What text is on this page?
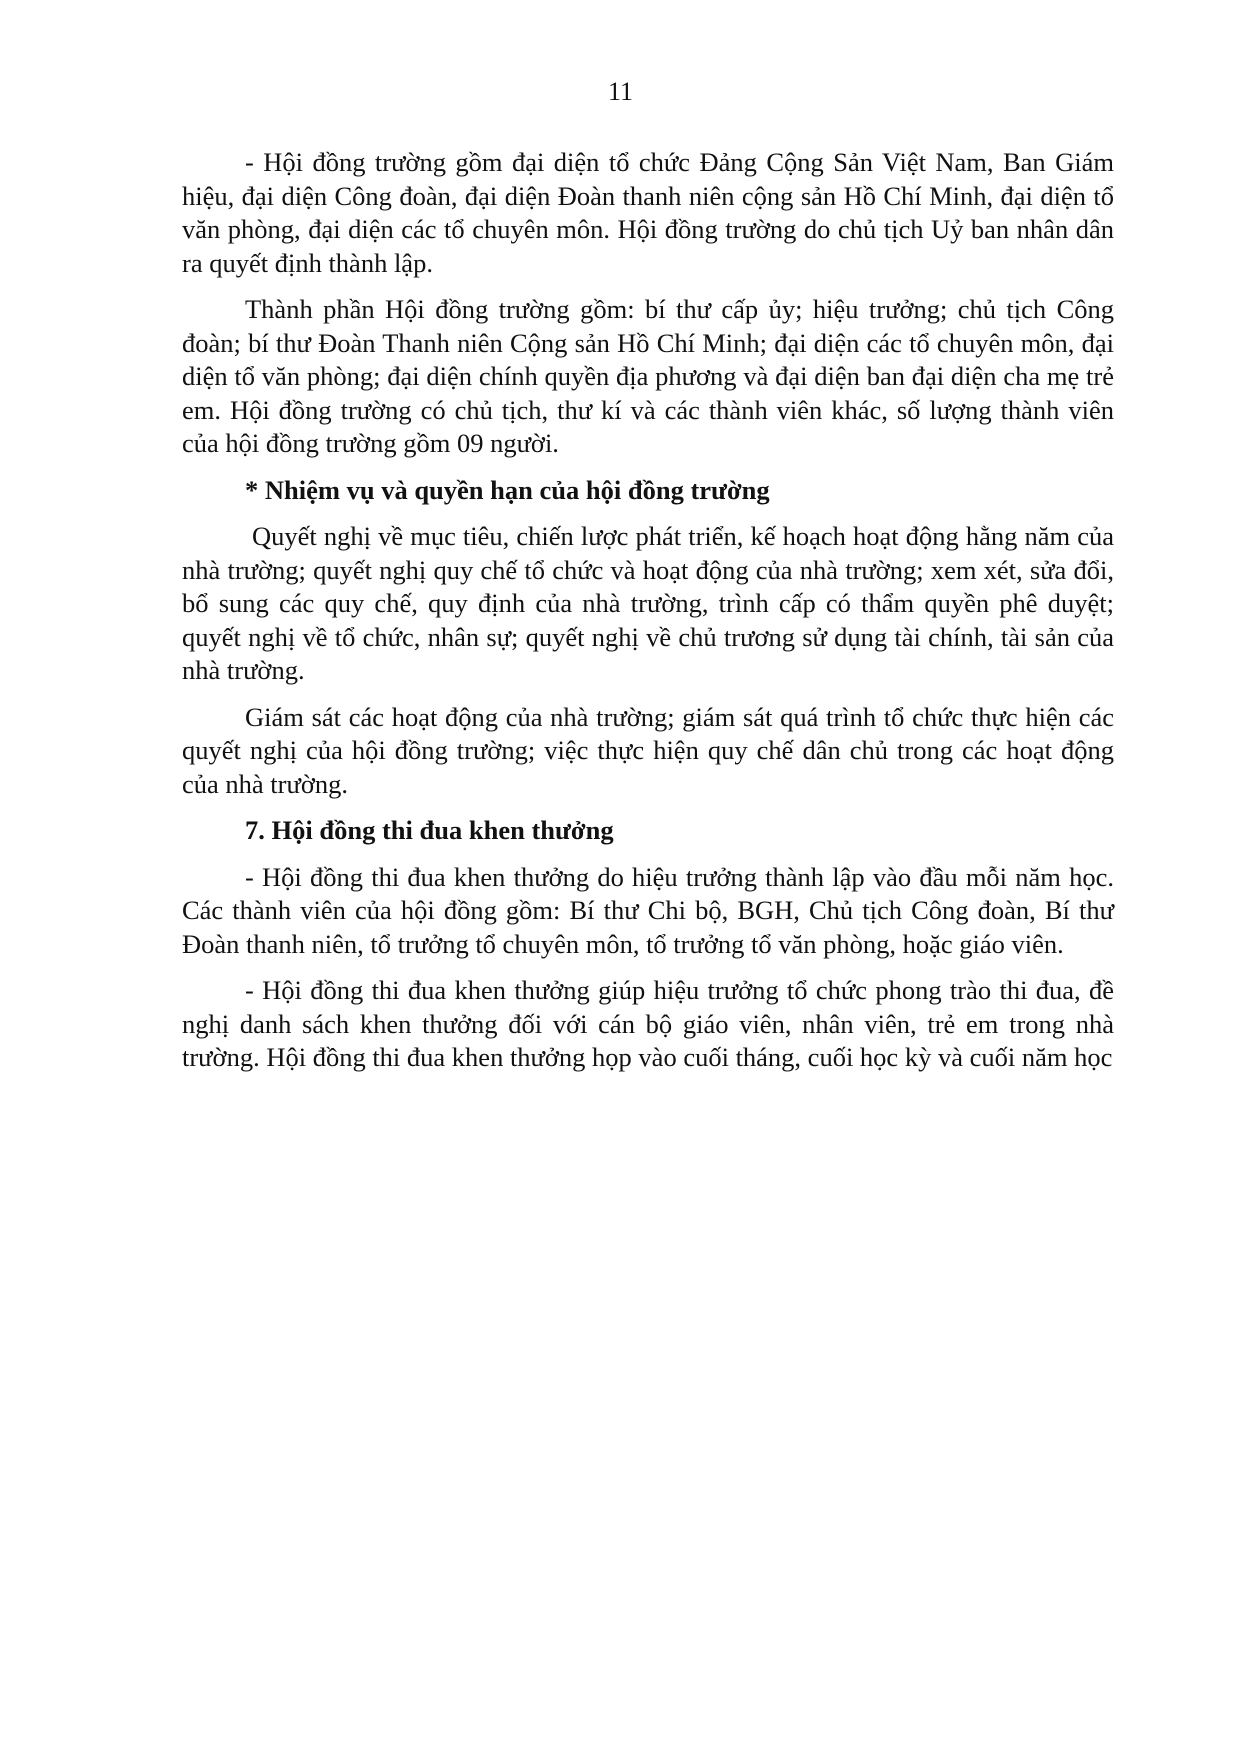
11

- Hội đồng trường gồm đại diện tổ chức Đảng Cộng Sản Việt Nam, Ban Giám hiệu, đại diện Công đoàn, đại diện Đoàn thanh niên cộng sản Hồ Chí Minh, đại diện tổ văn phòng, đại diện các tổ chuyên môn. Hội đồng trường do chủ tịch Uỷ ban nhân dân ra quyết định thành lập.

Thành phần Hội đồng trường gồm: bí thư cấp ủy; hiệu trưởng; chủ tịch Công đoàn; bí thư Đoàn Thanh niên Cộng sản Hồ Chí Minh; đại diện các tổ chuyên môn, đại diện tổ văn phòng; đại diện chính quyền địa phương và đại diện ban đại diện cha mẹ trẻ em. Hội đồng trường có chủ tịch, thư kí và các thành viên khác, số lượng thành viên của hội đồng trường gồm 09 người.

* Nhiệm vụ và quyền hạn của hội đồng trường

Quyết nghị về mục tiêu, chiến lược phát triển, kế hoạch hoạt động hằng năm của nhà trường; quyết nghị quy chế tổ chức và hoạt động của nhà trường; xem xét, sửa đổi, bổ sung các quy chế, quy định của nhà trường, trình cấp có thẩm quyền phê duyệt; quyết nghị về tổ chức, nhân sự; quyết nghị về chủ trương sử dụng tài chính, tài sản của nhà trường.

Giám sát các hoạt động của nhà trường; giám sát quá trình tổ chức thực hiện các quyết nghị của hội đồng trường; việc thực hiện quy chế dân chủ trong các hoạt động của nhà trường.

7. Hội đồng thi đua khen thưởng

- Hội đồng thi đua khen thưởng do hiệu trưởng thành lập vào đầu mỗi năm học. Các thành viên của hội đồng gồm: Bí thư Chi bộ, BGH, Chủ tịch Công đoàn, Bí thư Đoàn thanh niên, tổ trưởng tổ chuyên môn, tổ trưởng tổ văn phòng, hoặc giáo viên.

- Hội đồng thi đua khen thưởng giúp hiệu trưởng tổ chức phong trào thi đua, đề nghị danh sách khen thưởng đối với cán bộ giáo viên, nhân viên, trẻ em trong nhà trường. Hội đồng thi đua khen thưởng họp vào cuối tháng, cuối học kỳ và cuối năm học
